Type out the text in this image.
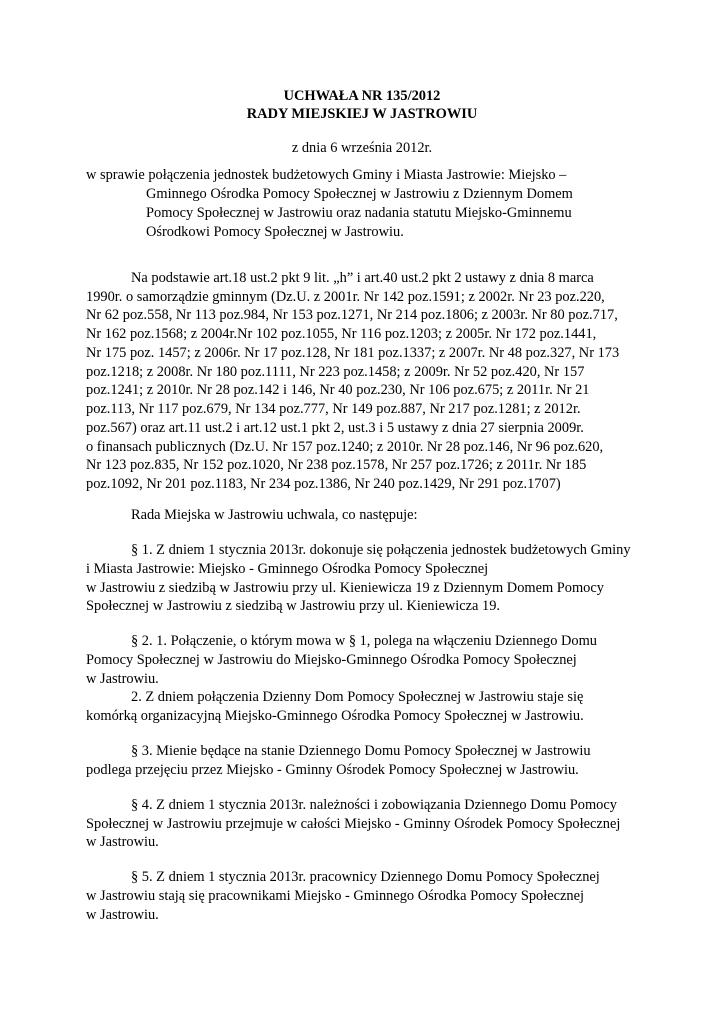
UCHWAŁA NR 135/2012
RADY MIEJSKIEJ W JASTROWIU
z dnia 6 września 2012r.
w sprawie połączenia jednostek budżetowych Gminy i Miasta Jastrowie: Miejsko –
Gminnego Ośrodka Pomocy Społecznej w Jastrowiu z Dziennym Domem
Pomocy Społecznej w Jastrowiu oraz nadania statutu Miejsko-Gminnemu
Ośrodkowi Pomocy Społecznej w Jastrowiu.
Na podstawie art.18 ust.2 pkt 9 lit. „h” i art.40 ust.2 pkt 2 ustawy z dnia 8 marca
1990r. o samorządzie gminnym (Dz.U. z 2001r. Nr 142 poz.1591; z 2002r. Nr 23 poz.220,
Nr 62 poz.558, Nr 113 poz.984, Nr 153 poz.1271, Nr 214 poz.1806; z 2003r. Nr 80 poz.717,
Nr 162 poz.1568; z 2004r.Nr 102 poz.1055, Nr 116 poz.1203; z 2005r. Nr 172 poz.1441,
Nr 175 poz. 1457; z 2006r. Nr 17 poz.128, Nr 181 poz.1337; z 2007r. Nr 48 poz.327, Nr 173
poz.1218; z 2008r. Nr 180 poz.1111, Nr 223 poz.1458; z 2009r. Nr 52 poz.420, Nr 157
poz.1241; z 2010r. Nr 28 poz.142 i 146, Nr 40 poz.230, Nr 106 poz.675; z 2011r. Nr 21
poz.113, Nr 117 poz.679, Nr 134 poz.777, Nr 149 poz.887, Nr 217 poz.1281; z 2012r.
poz.567) oraz art.11 ust.2 i art.12 ust.1 pkt 2, ust.3 i 5 ustawy z dnia 27 sierpnia 2009r.
o finansach publicznych (Dz.U. Nr 157 poz.1240; z 2010r. Nr 28 poz.146, Nr 96 poz.620,
Nr 123 poz.835, Nr 152 poz.1020, Nr 238 poz.1578, Nr 257 poz.1726; z 2011r. Nr 185
poz.1092, Nr 201 poz.1183, Nr 234 poz.1386, Nr 240 poz.1429, Nr 291 poz.1707)
Rada Miejska w Jastrowiu uchwala, co następuje:
§ 1. Z dniem 1 stycznia 2013r. dokonuje się połączenia jednostek budżetowych Gminy
i Miasta Jastrowie: Miejsko - Gminnego Ośrodka Pomocy Społecznej
w Jastrowiu z siedzibą w Jastrowiu przy ul. Kieniewicza 19 z Dziennym Domem Pomocy
Społecznej w Jastrowiu z siedzibą w Jastrowiu przy ul. Kieniewicza 19.
§ 2. 1. Połączenie, o którym mowa w § 1, polega na włączeniu Dziennego Domu
Pomocy Społecznej w Jastrowiu do Miejsko-Gminnego Ośrodka Pomocy Społecznej
w Jastrowiu.
2. Z dniem połączenia Dzienny Dom Pomocy Społecznej w Jastrowiu staje się
komórką organizacyjną Miejsko-Gminnego Ośrodka Pomocy Społecznej w Jastrowiu.
§ 3. Mienie będące na stanie Dziennego Domu Pomocy Społecznej w Jastrowiu
podlega przejęciu przez Miejsko - Gminny Ośrodek Pomocy Społecznej w Jastrowiu.
§ 4. Z dniem 1 stycznia 2013r. należności i zobowiązania Dziennego Domu Pomocy
Społecznej w Jastrowiu przejmuje w całości Miejsko - Gminny Ośrodek Pomocy Społecznej
w Jastrowiu.
§ 5. Z dniem 1 stycznia 2013r. pracownicy Dziennego Domu Pomocy Społecznej
w Jastrowiu stają się pracownikami Miejsko - Gminnego Ośrodka Pomocy Społecznej
w Jastrowiu.
